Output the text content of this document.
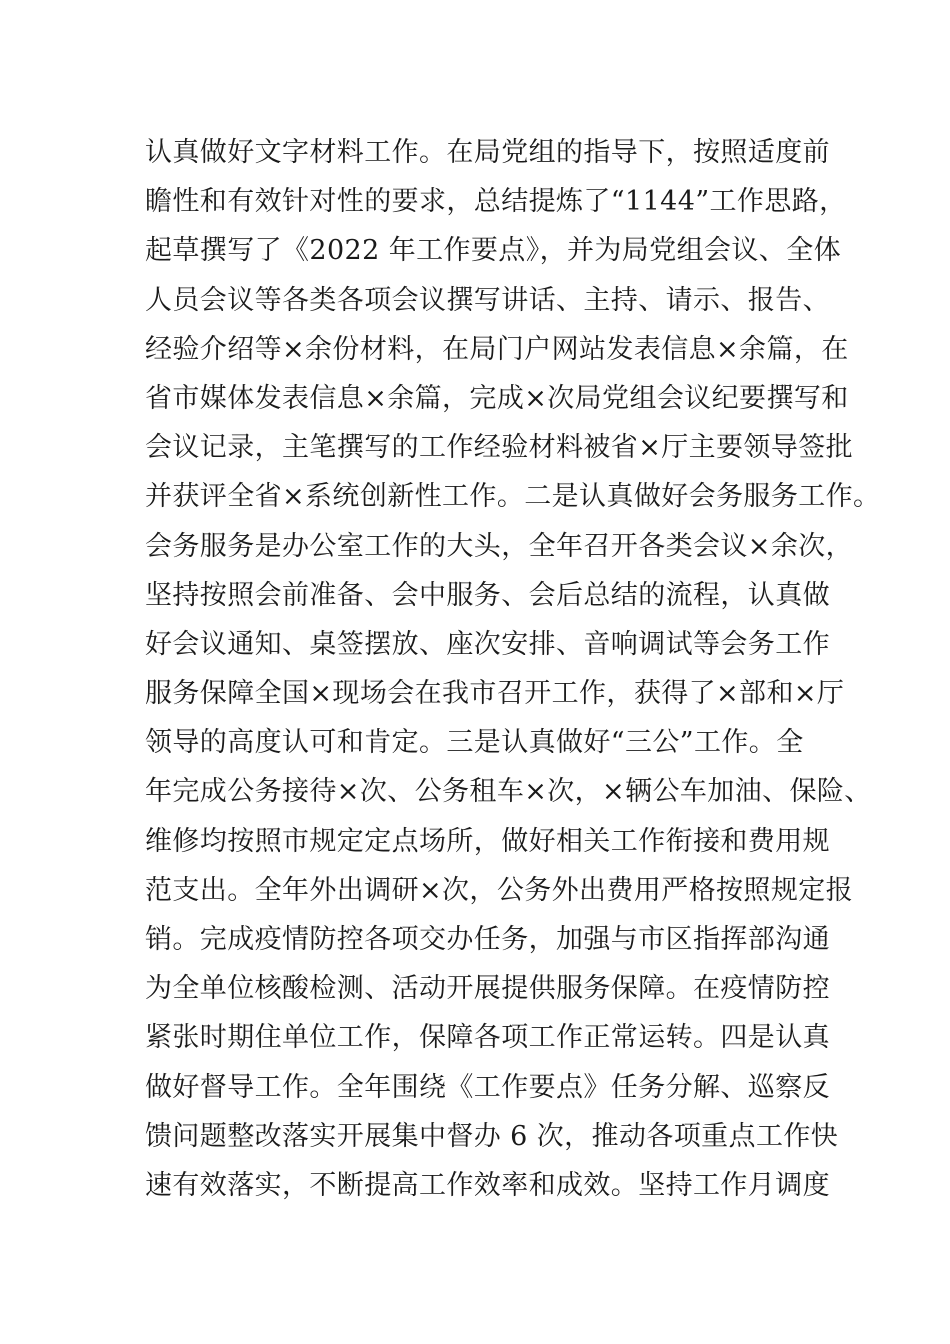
认真做好文字材料工作。在局党组的指导下，按照适度前
瞻性和有效针对性的要求，总结提炼了“1144”工作思路，
起草撰写了《2022 年工作要点》，并为局党组会议、全体
人员会议等各类各项会议撰写讲话、主持、请示、报告、
经验介绍等×余份材料，在局门户网站发表信息×余篇，在
省市媒体发表信息×余篇，完成×次局党组会议纪要撰写和
会议记录，主笔撰写的工作经验材料被省×厅主要领导签批
并获评全省×系统创新性工作。二是认真做好会务服务工作。
会务服务是办公室工作的大头，全年召开各类会议×余次，
坚持按照会前准备、会中服务、会后总结的流程，认真做
好会议通知、桌签摆放、座次安排、音响调试等会务工作
服务保障全国×现场会在我市召开工作，获得了×部和×厅
领导的高度认可和肯定。三是认真做好“三公”工作。全
年完成公务接待×次、公务租车×次，×辆公车加油、保险、
维修均按照市规定定点场所，做好相关工作衔接和费用规
范支出。全年外出调研×次，公务外出费用严格按照规定报
销。完成疫情防控各项交办任务，加强与市区指挥部沟通
为全单位核酸检测、活动开展提供服务保障。在疫情防控
紧张时期住单位工作，保障各项工作正常运转。四是认真
做好督导工作。全年围绕《工作要点》任务分解、巡察反
馈问题整改落实开展集中督办 6 次，推动各项重点工作快
速有效落实，不断提高工作效率和成效。坚持工作月调度
